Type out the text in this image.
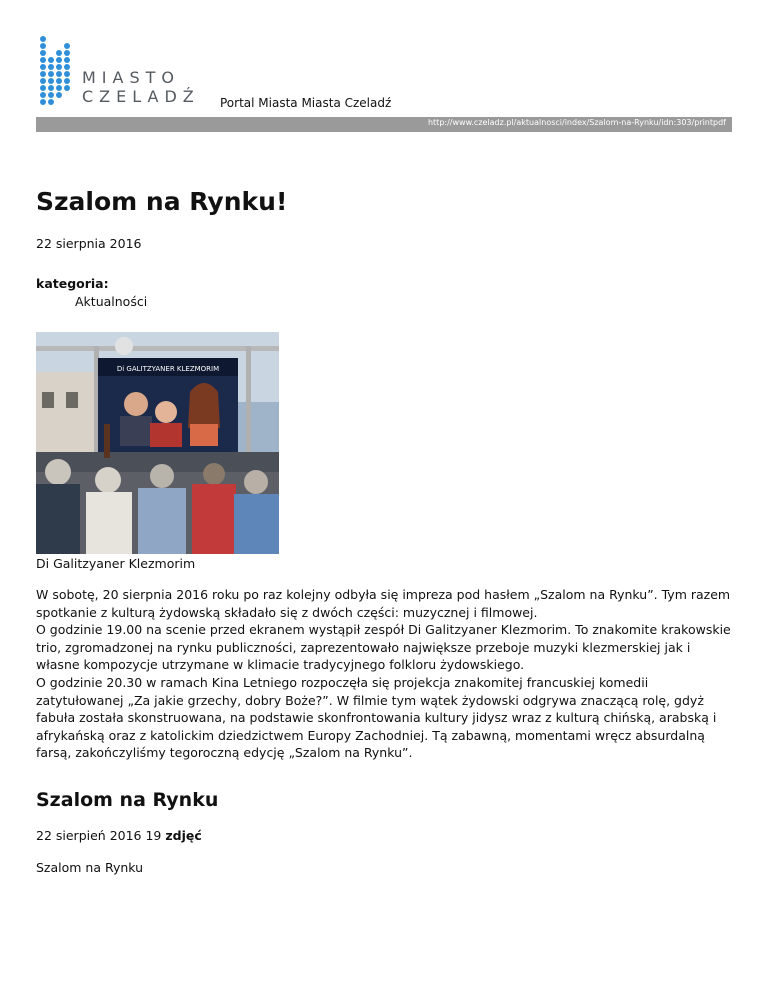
MIASTO
CZELADŹ Portal Miasta Miasta Czeladź
http://www.czeladz.pl/aktualnosci/index/Szalom-na-Rynku/idn:303/printpdf
Szalom na Rynku!
22 sierpnia 2016
kategoria:
Aktualności
Di GALITZYANER KLEZMORIM
Di Galitzyaner Klezmorim

W sobotę, 20 sierpnia 2016 roku po raz kolejny odbyła się impreza pod hasłem „Szalom na Rynku”. Tym razem spotkanie z kulturą żydowską składało się z dwóch części: muzycznej i filmowej.

O godzinie 19.00 na scenie przed ekranem wystąpił zespół Di Galitzyaner Klezmorim. To znakomite krakowskie trio, zgromadzonej na rynku publiczności, zaprezentowało największe przeboje muzyki klezmerskiej jak i własne kompozycje utrzymane w klimacie tradycyjnego folkloru żydowskiego.

O godzinie 20.30 w ramach Kina Letniego rozpoczęła się projekcja znakomitej francuskiej komedii zatytułowanej „Za jakie grzechy, dobry Boże?”. W filmie tym wątek żydowski odgrywa znaczącą rolę, gdyż fabuła została skonstruowana, na podstawie skonfrontowania kultury jidysz wraz z kulturą chińską, arabską i afrykańską oraz z katolickim dziedzictwem Europy Zachodniej. Tą zabawną, momentami wręcz absurdalną farsą, zakończyliśmy tegoroczną edycję „Szalom na Rynku”.

Szalom na Rynku
22 sierpień 2016 19 zdjęć
Szalom na Rynku
